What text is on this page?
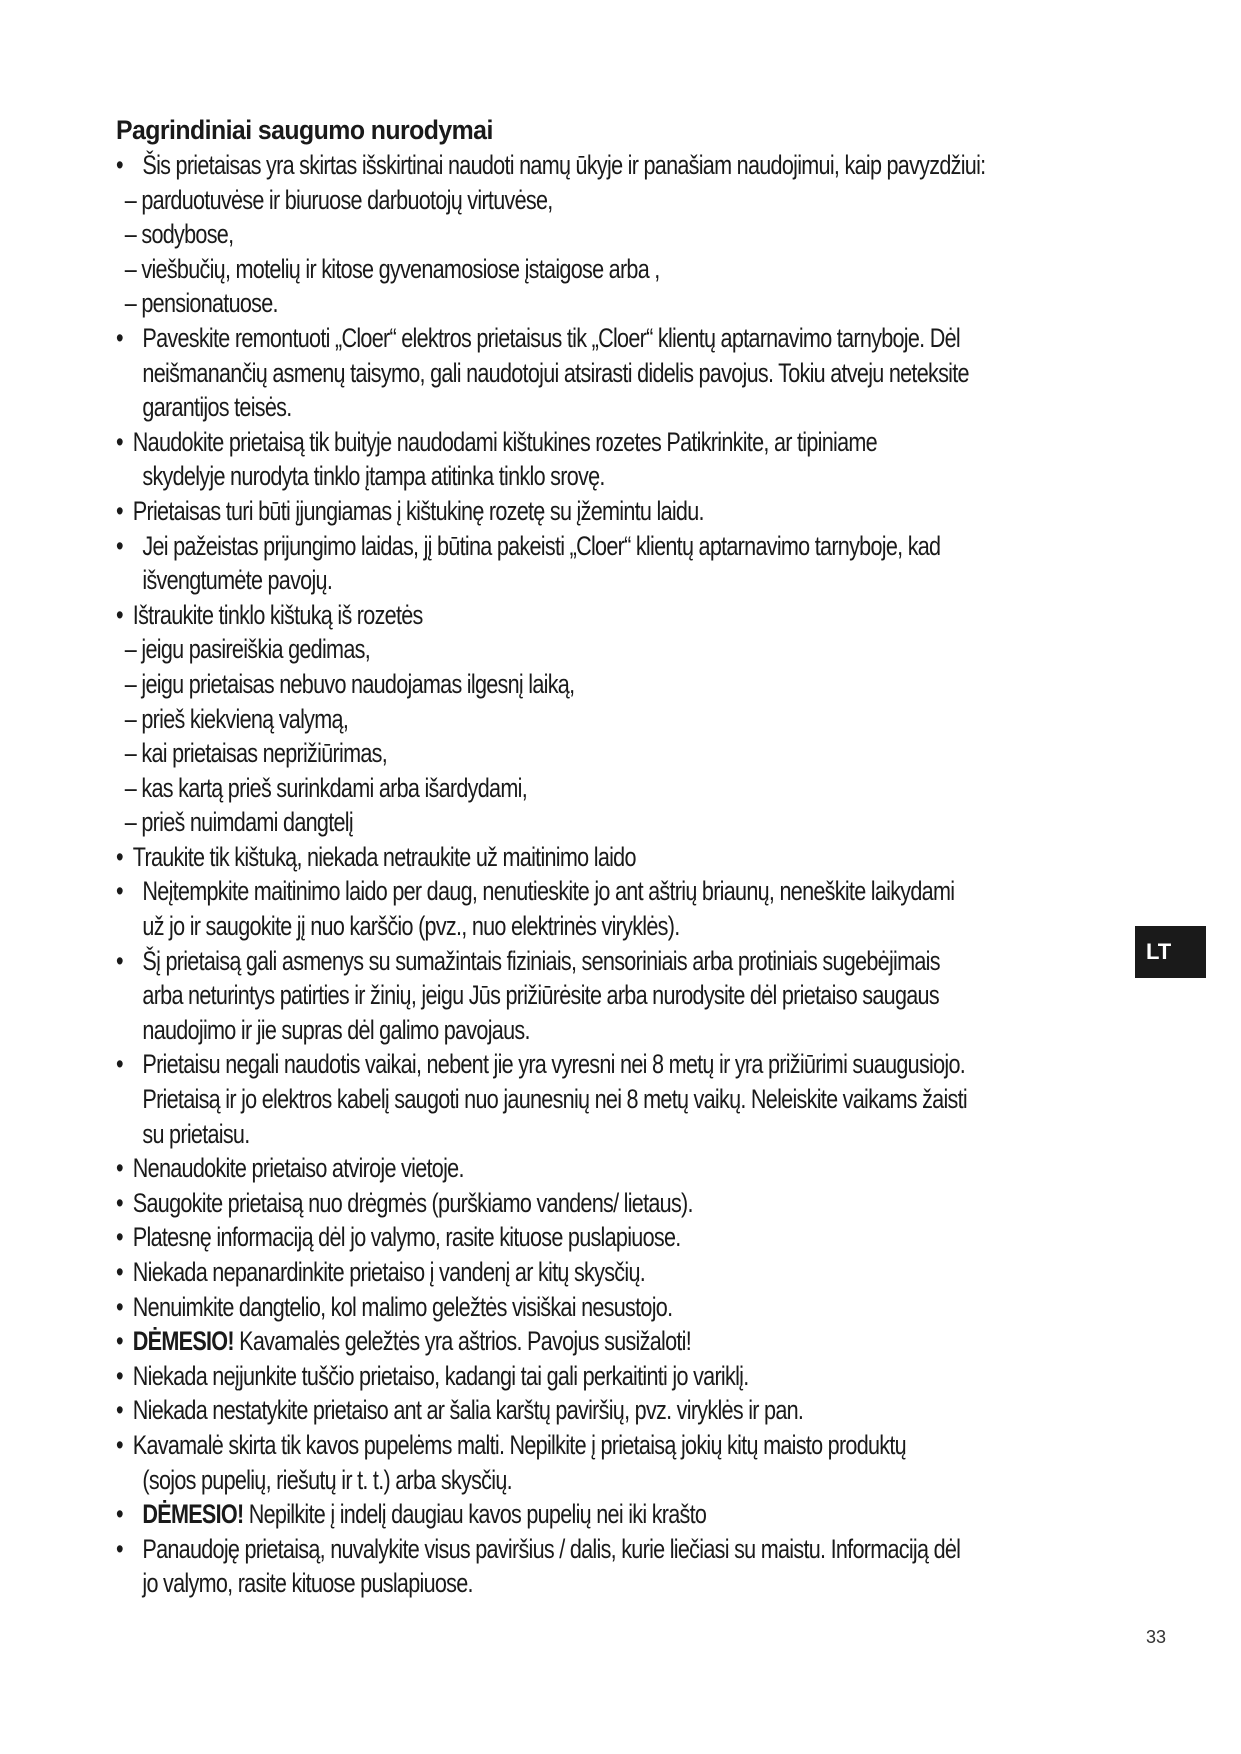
Pagrindiniai saugumo nurodymai
• Šis prietaisas yra skirtas išskirtinai naudoti namų ūkyje ir panašiam naudojimui, kaip pavyzdžiui:
– parduotuvėse ir biuruose darbuotojų virtuvėse,
– sodybose,
– viešbučių, motelių ir kitose gyvenamosiose įstaigose arba ,
– pensionatuose.
• Paveskite remontuoti „Cloer“ elektros prietaisus tik „Cloer“ klientų aptarnavimo tarnyboje. Dėl
neišmanančių asmenų taisymo, gali naudotojui atsirasti didelis pavojus. Tokiu atveju neteksite
garantijos teisės.
• Naudokite prietaisą tik buityje naudodami kištukines rozetes Patikrinkite, ar tipiniame
skydelyje nurodyta tinklo įtampa atitinka tinklo srovę.
• Prietaisas turi būti įjungiamas į kištukinę rozetę su įžemintu laidu.
• Jei pažeistas prijungimo laidas, jį būtina pakeisti „Cloer“ klientų aptarnavimo tarnyboje, kad
išvengtumėte pavojų.
• Ištraukite tinklo kištuką iš rozetės
– jeigu pasireiškia gedimas,
– jeigu prietaisas nebuvo naudojamas ilgesnį laiką,
– prieš kiekvieną valymą,
– kai prietaisas neprižiūrimas,
– kas kartą prieš surinkdami arba išardydami,
– prieš nuimdami dangtelį
• Traukite tik kištuką, niekada netraukite už maitinimo laido
• Neįtempkite maitinimo laido per daug, nenutieskite jo ant aštrių briaunų, neneškite laikydami
už jo ir saugokite jį nuo karščio (pvz., nuo elektrinės viryklės).
• Šį prietaisą gali asmenys su sumažintais fiziniais, sensoriniais arba protiniais sugebėjimais
arba neturintys patirties ir žinių, jeigu Jūs prižiūrėsite arba nurodysite dėl prietaiso saugaus
naudojimo ir jie supras dėl galimo pavojaus.
• Prietaisu negali naudotis vaikai, nebent jie yra vyresni nei 8 metų ir yra prižiūrimi suaugusiojo.
Prietaisą ir jo elektros kabelį saugoti nuo jaunesnių nei 8 metų vaikų. Neleiskite vaikams žaisti
su prietaisu.
• Nenaudokite prietaiso atviroje vietoje.
• Saugokite prietaisą nuo drėgmės (purškiamo vandens/ lietaus).
• Platesnę informaciją dėl jo valymo, rasite kituose puslapiuose.
• Niekada nepanardinkite prietaiso į vandenį ar kitų skysčių.
• Nenuimkite dangtelio, kol malimo geležtės visiškai nesustojo.
• DĖMESIO! Kavamalės geležtės yra aštrios. Pavojus susižaloti!
• Niekada neįjunkite tuščio prietaiso, kadangi tai gali perkaitinti jo variklį.
• Niekada nestatykite prietaiso ant ar šalia karštų paviršių, pvz. viryklės ir pan.
• Kavamalė skirta tik kavos pupelėms malti. Nepilkite į prietaisą jokių kitų maisto produktų
(sojos pupelių, riešutų ir t. t.) arba skysčių.
• DĖMESIO! Nepilkite į indelį daugiau kavos pupelių nei iki krašto
• Panaudoję prietaisą, nuvalykite visus paviršius / dalis, kurie liečiasi su maistu. Informaciją dėl
jo valymo, rasite kituose puslapiuose.
LT
33
